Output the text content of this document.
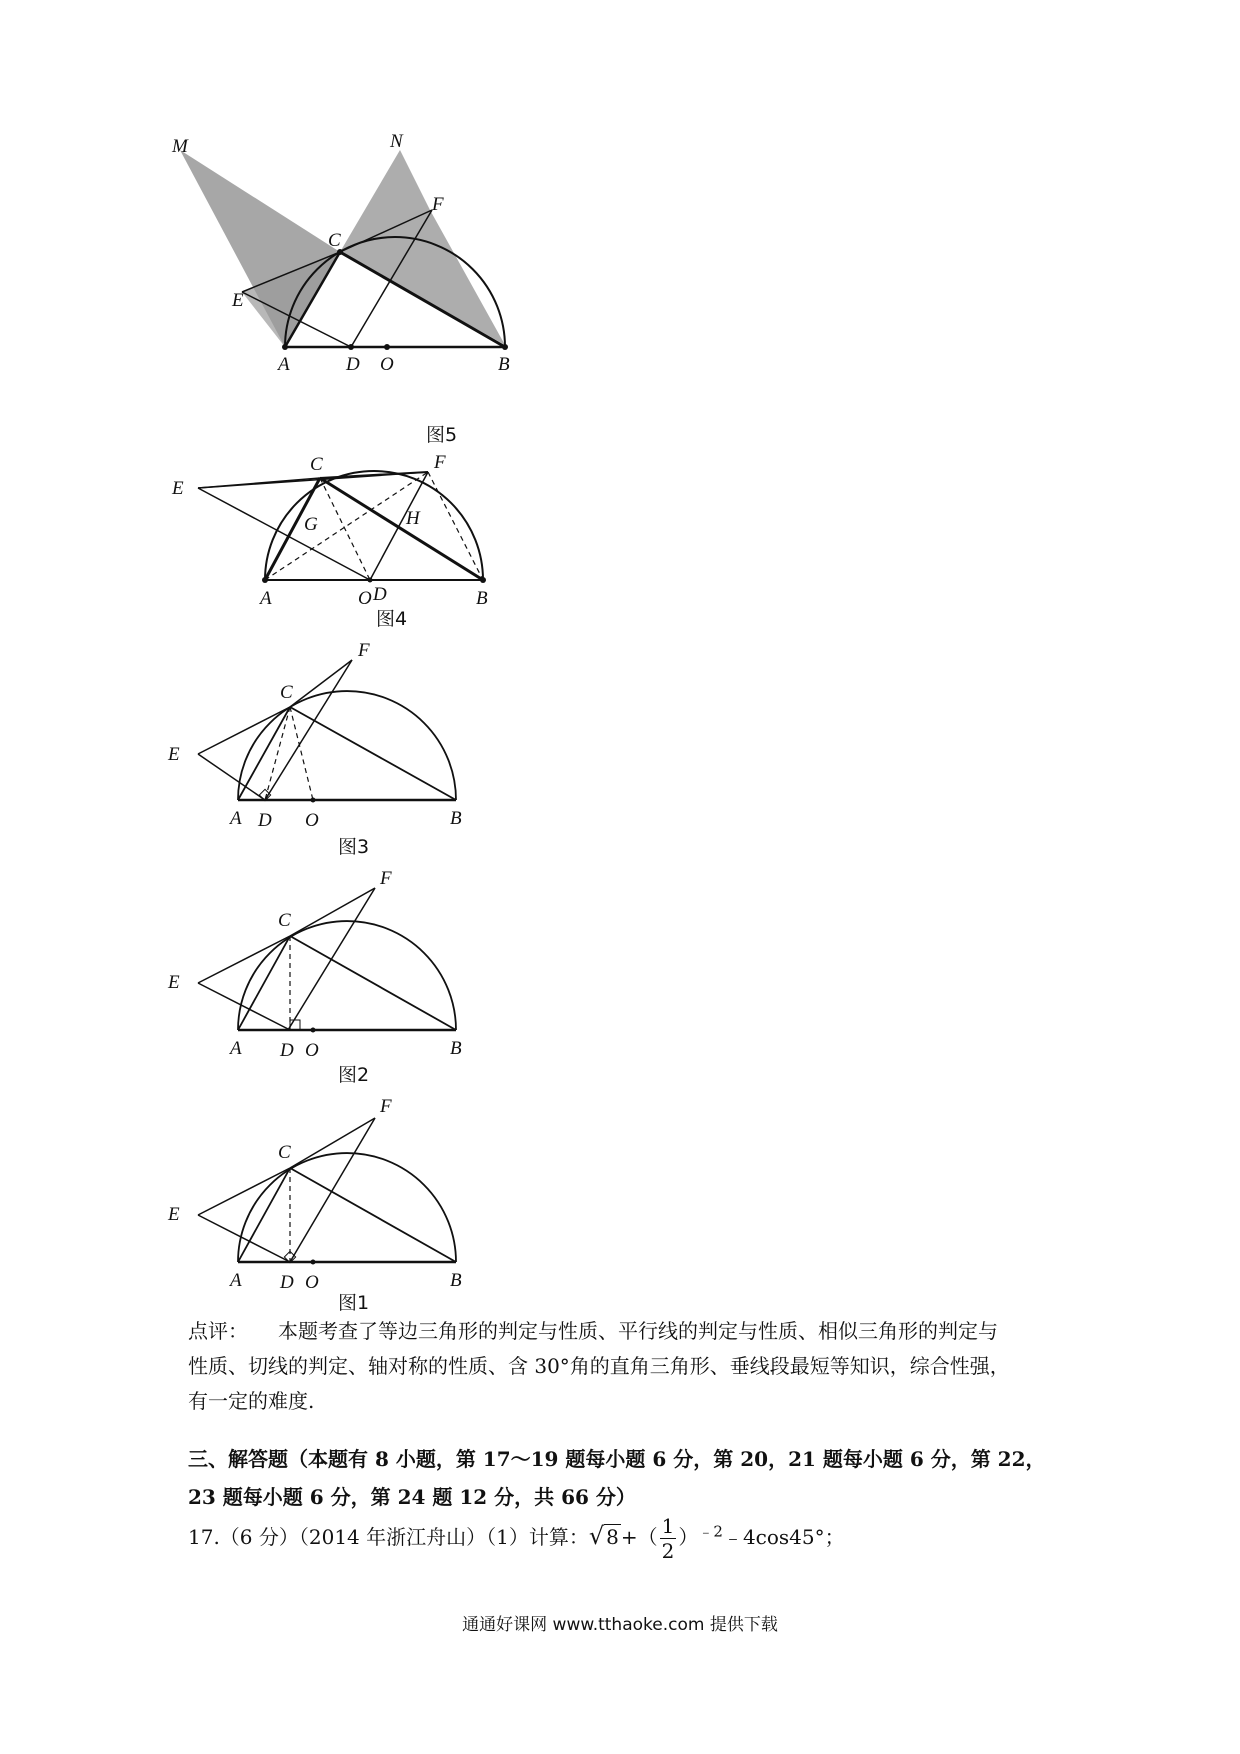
M	N
F
C
E
A	D O	B
图5
E
C	F
G	H
A	O D	B
图4
F
C
E
A D O	B
图3
F
C
E
A D O	B
图2
F
C
E
A D O	B
图1
点评： 本题考查了等边三角形的判定与性质、平行线的判定与性质、相似三角形的判定与
性质、切线的判定、轴对称的性质、含 30°角的直角三角形、垂线段最短等知识，综合性强，
有一定的难度.
三、解答题（本题有 8 小题，第 17～19 题每小题 6 分，第 20，21 题每小题 6 分，第 22，
23 题每小题 6 分，第 24 题 12 分，共 66 分）
17.（6 分）（2014 年浙江舟山）（1）计算：√ 8 +（ $\frac{1}{2}$ ）$^{﹣2}$﹣4cos45°；
通通好课网 www.tthaoke.com 提供下载
